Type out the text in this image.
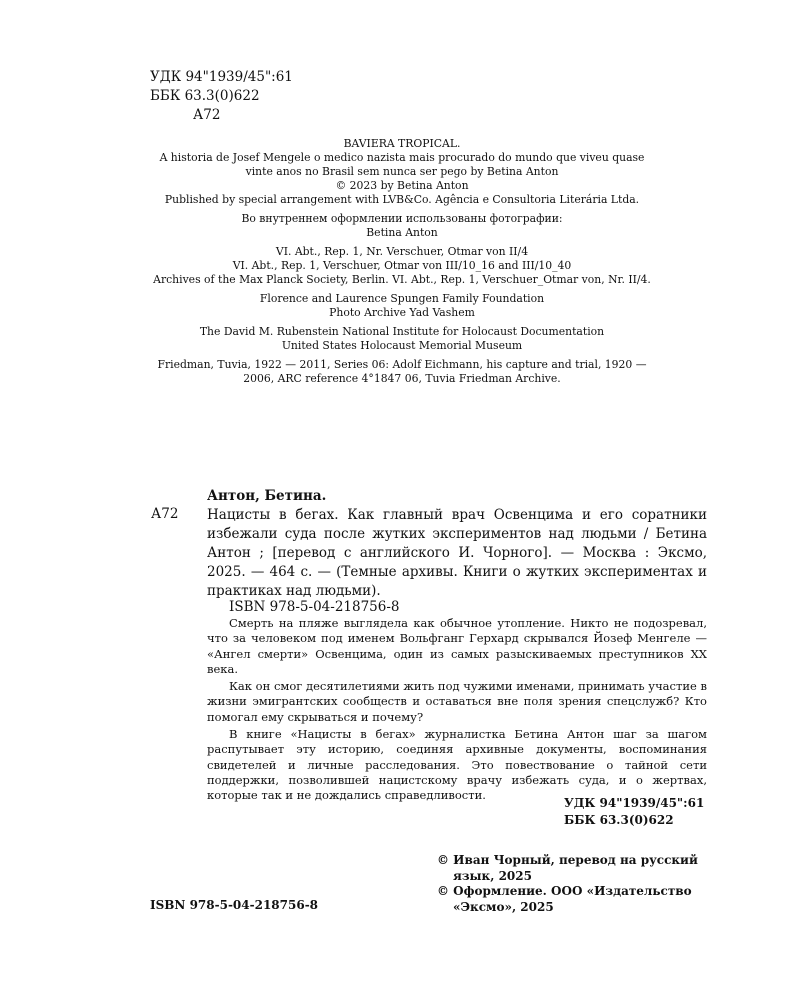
УДК 94"1939/45":61
ББК 63.3(0)622
А72

BAVIERA TROPICAL.

A historia de Josef Mengele o medico nazista mais procurado do mundo que viveu quase vinte anos no Brasil sem nunca ser pego by Betina Anton

© 2023 by Betina Anton

Published by special arrangement with LVB&Co. Agência e Consultoria Literária Ltda.

Во внутреннем оформлении использованы фотографии:

Betina Anton

VI. Abt., Rep. 1, Nr. Verschuer, Otmar von II/4

VI. Abt., Rep. 1, Verschuer, Otmar von III/10_16 and III/10_40

Archives of the Max Planck Society, Berlin. VI. Abt., Rep. 1, Verschuer_Otmar von, Nr. II/4.

Florence and Laurence Spungen Family Foundation

Photo Archive Yad Vashem

The David M. Rubenstein National Institute for Holocaust Documentation

United States Holocaust Memorial Museum

Friedman, Tuvia, 1922 — 2011, Series 06: Adolf Eichmann, his capture and trial, 1920 — 2006, ARC reference 4°1847 06, Tuvia Friedman Archive.

Антон, Бетина.
А72 Нацисты в бегах. Как главный врач Освенцима и его соратники избежали суда после жутких экспериментов над людьми / Бетина Антон ; [перевод с английского И. Чорного]. — Москва : Эксмо, 2025. — 464 с. — (Темные архивы. Книги о жутких экспериментах и практиках над людьми).
ISBN 978-5-04-218756-8

Смерть на пляже выглядела как обычное утопление. Никто не подозревал, что за человеком под именем Вольфганг Герхард скрывался Йозеф Менгеле — «Ангел смерти» Освенцима, один из самых разыскиваемых преступников XX века.

Как он смог десятилетиями жить под чужими именами, принимать участие в жизни эмигрантских сообществ и оставаться вне поля зрения спецслужб? Кто помогал ему скрываться и почему?

В книге «Нацисты в бегах» журналистка Бетина Антон шаг за шагом распутывает эту историю, соединяя архивные документы, воспоминания свидетелей и личные расследования. Это повествование о тайной сети поддержки, позволившей нацистскому врачу избежать суда, и о жертвах, которые так и не дождались справедливости.

УДК 94"1939/45":61
ББК 63.3(0)622
© Иван Чорный, перевод на русский язык, 2025
© Оформление. ООО «Издательство «Эксмо», 2025
ISBN 978-5-04-218756-8
